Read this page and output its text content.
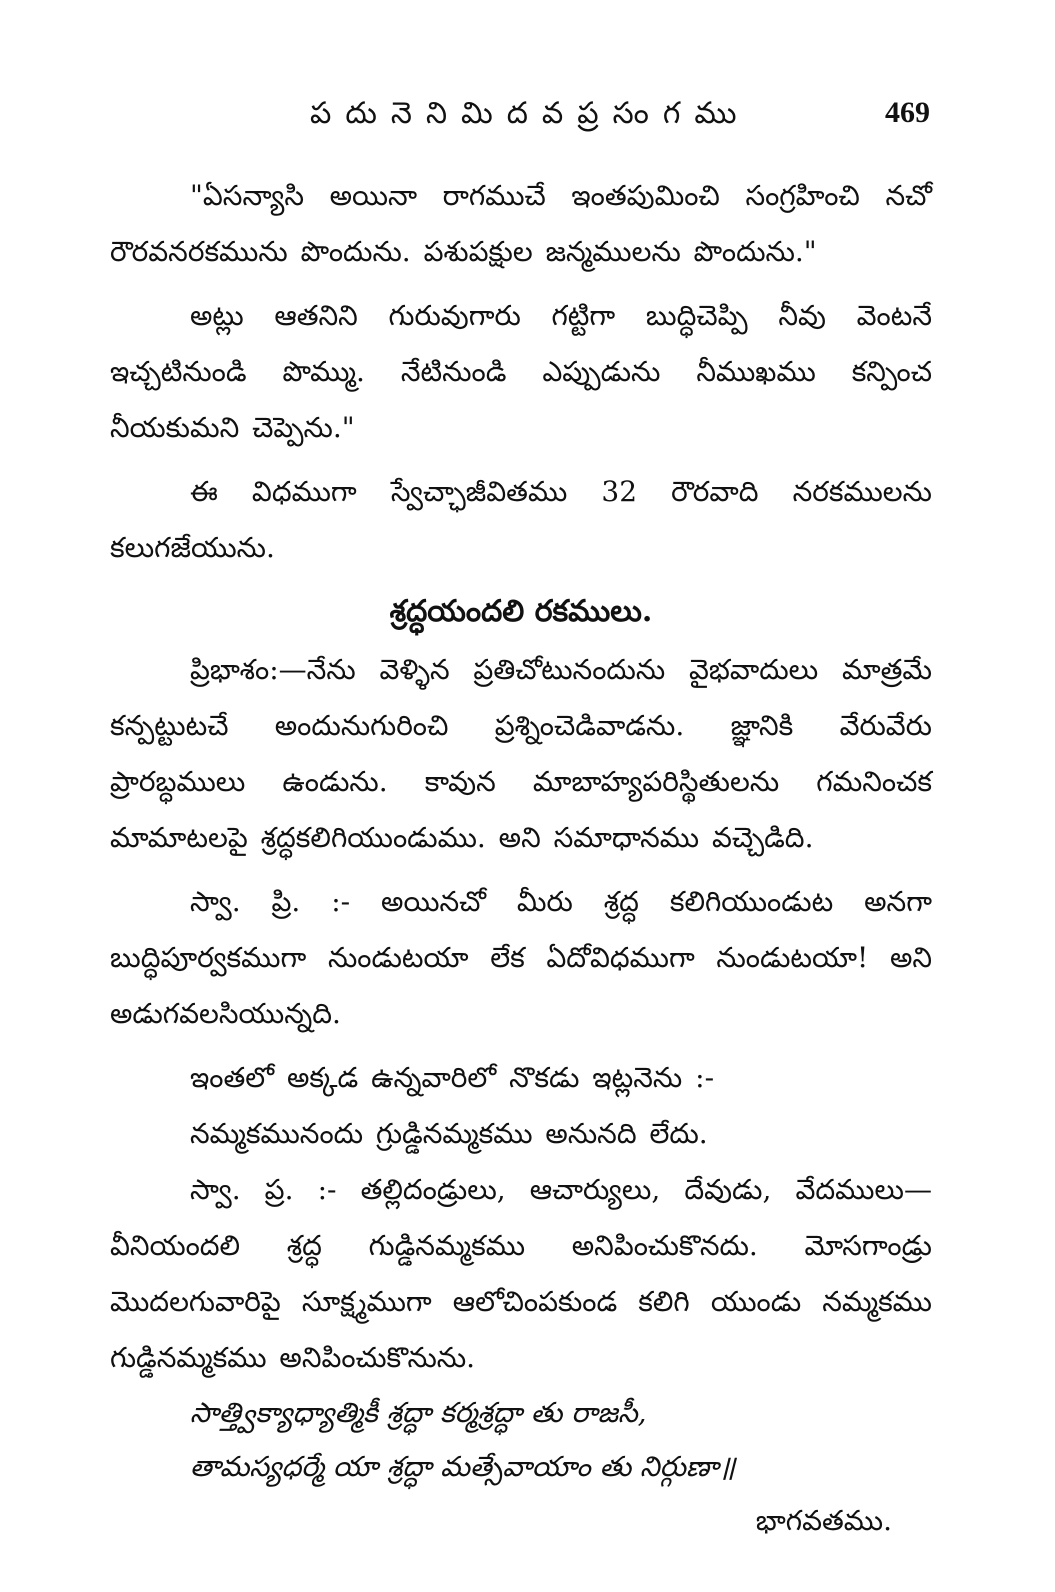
పదునెనిమిదవప్రసంగము	469

"ఏసన్యాసి అయినా రాగముచే ఇంతపుమించి సంగ్రహించి నచో రౌరవనరకమును పొందును. పశుపక్షుల జన్మములను పొందును."

అట్లు ఆతనిని గురువుగారు గట్టిగా బుద్ధిచెప్పి నీవు వెంటనే ఇచ్చటినుండి పొమ్ము. నేటినుండి ఎప్పుడును నీముఖము కన్పించ నీయకుమని చెప్పెను."

ఈ విధముగా స్వేచ్ఛాజీవితము 32 రౌరవాది నరకములను కలుగజేయును.

శ్రద్ధయందలి రకములు.

ప్రిభాశం:—నేను వెళ్ళిన ప్రతిచోటునందును వైభవాదులు మాత్రమే కన్పట్టుటచే అందునుగురించి ప్రశ్నించెడివాడను. జ్ఞానికి వేరువేరు ప్రారబ్ధములు ఉండును. కావున మాబాహ్యపరిస్థితులను గమనించక మామాటలపై శ్రద్ధకలిగియుండుము. అని సమాధానము వచ్చెడిది.

స్వా. ప్రి. :- అయినచో మీరు శ్రద్ధ కలిగియుండుట అనగా బుద్ధిపూర్వకముగా నుండుటయా లేక ఏదోవిధముగా నుండుటయా! అని అడుగవలసియున్నది.

ఇంతలో అక్కడ ఉన్నవారిలో నొకడు ఇట్లనెను :-

నమ్మకమునందు గ్రుడ్డినమ్మకము అనునది లేదు.

స్వా. ప్ర. :- తల్లిదండ్రులు, ఆచార్యులు, దేవుడు, వేదములు— వీనియందలి శ్రద్ధ గుడ్డినమ్మకము అనిపించుకొనదు. మోసగాండ్రు మొదలగువారిపై సూక్ష్మముగా ఆలోచింపకుండ కలిగి యుండు నమ్మకము గుడ్డినమ్మకము అనిపించుకొనును.

సాత్త్విక్యాధ్యాత్మికీ శ్రద్ధా కర్మశ్రద్ధా తు రాజసీ,

తామస్యధర్మే యా శ్రద్ధా మత్సేవాయాం తు నిర్గుణా॥

భాగవతము.
